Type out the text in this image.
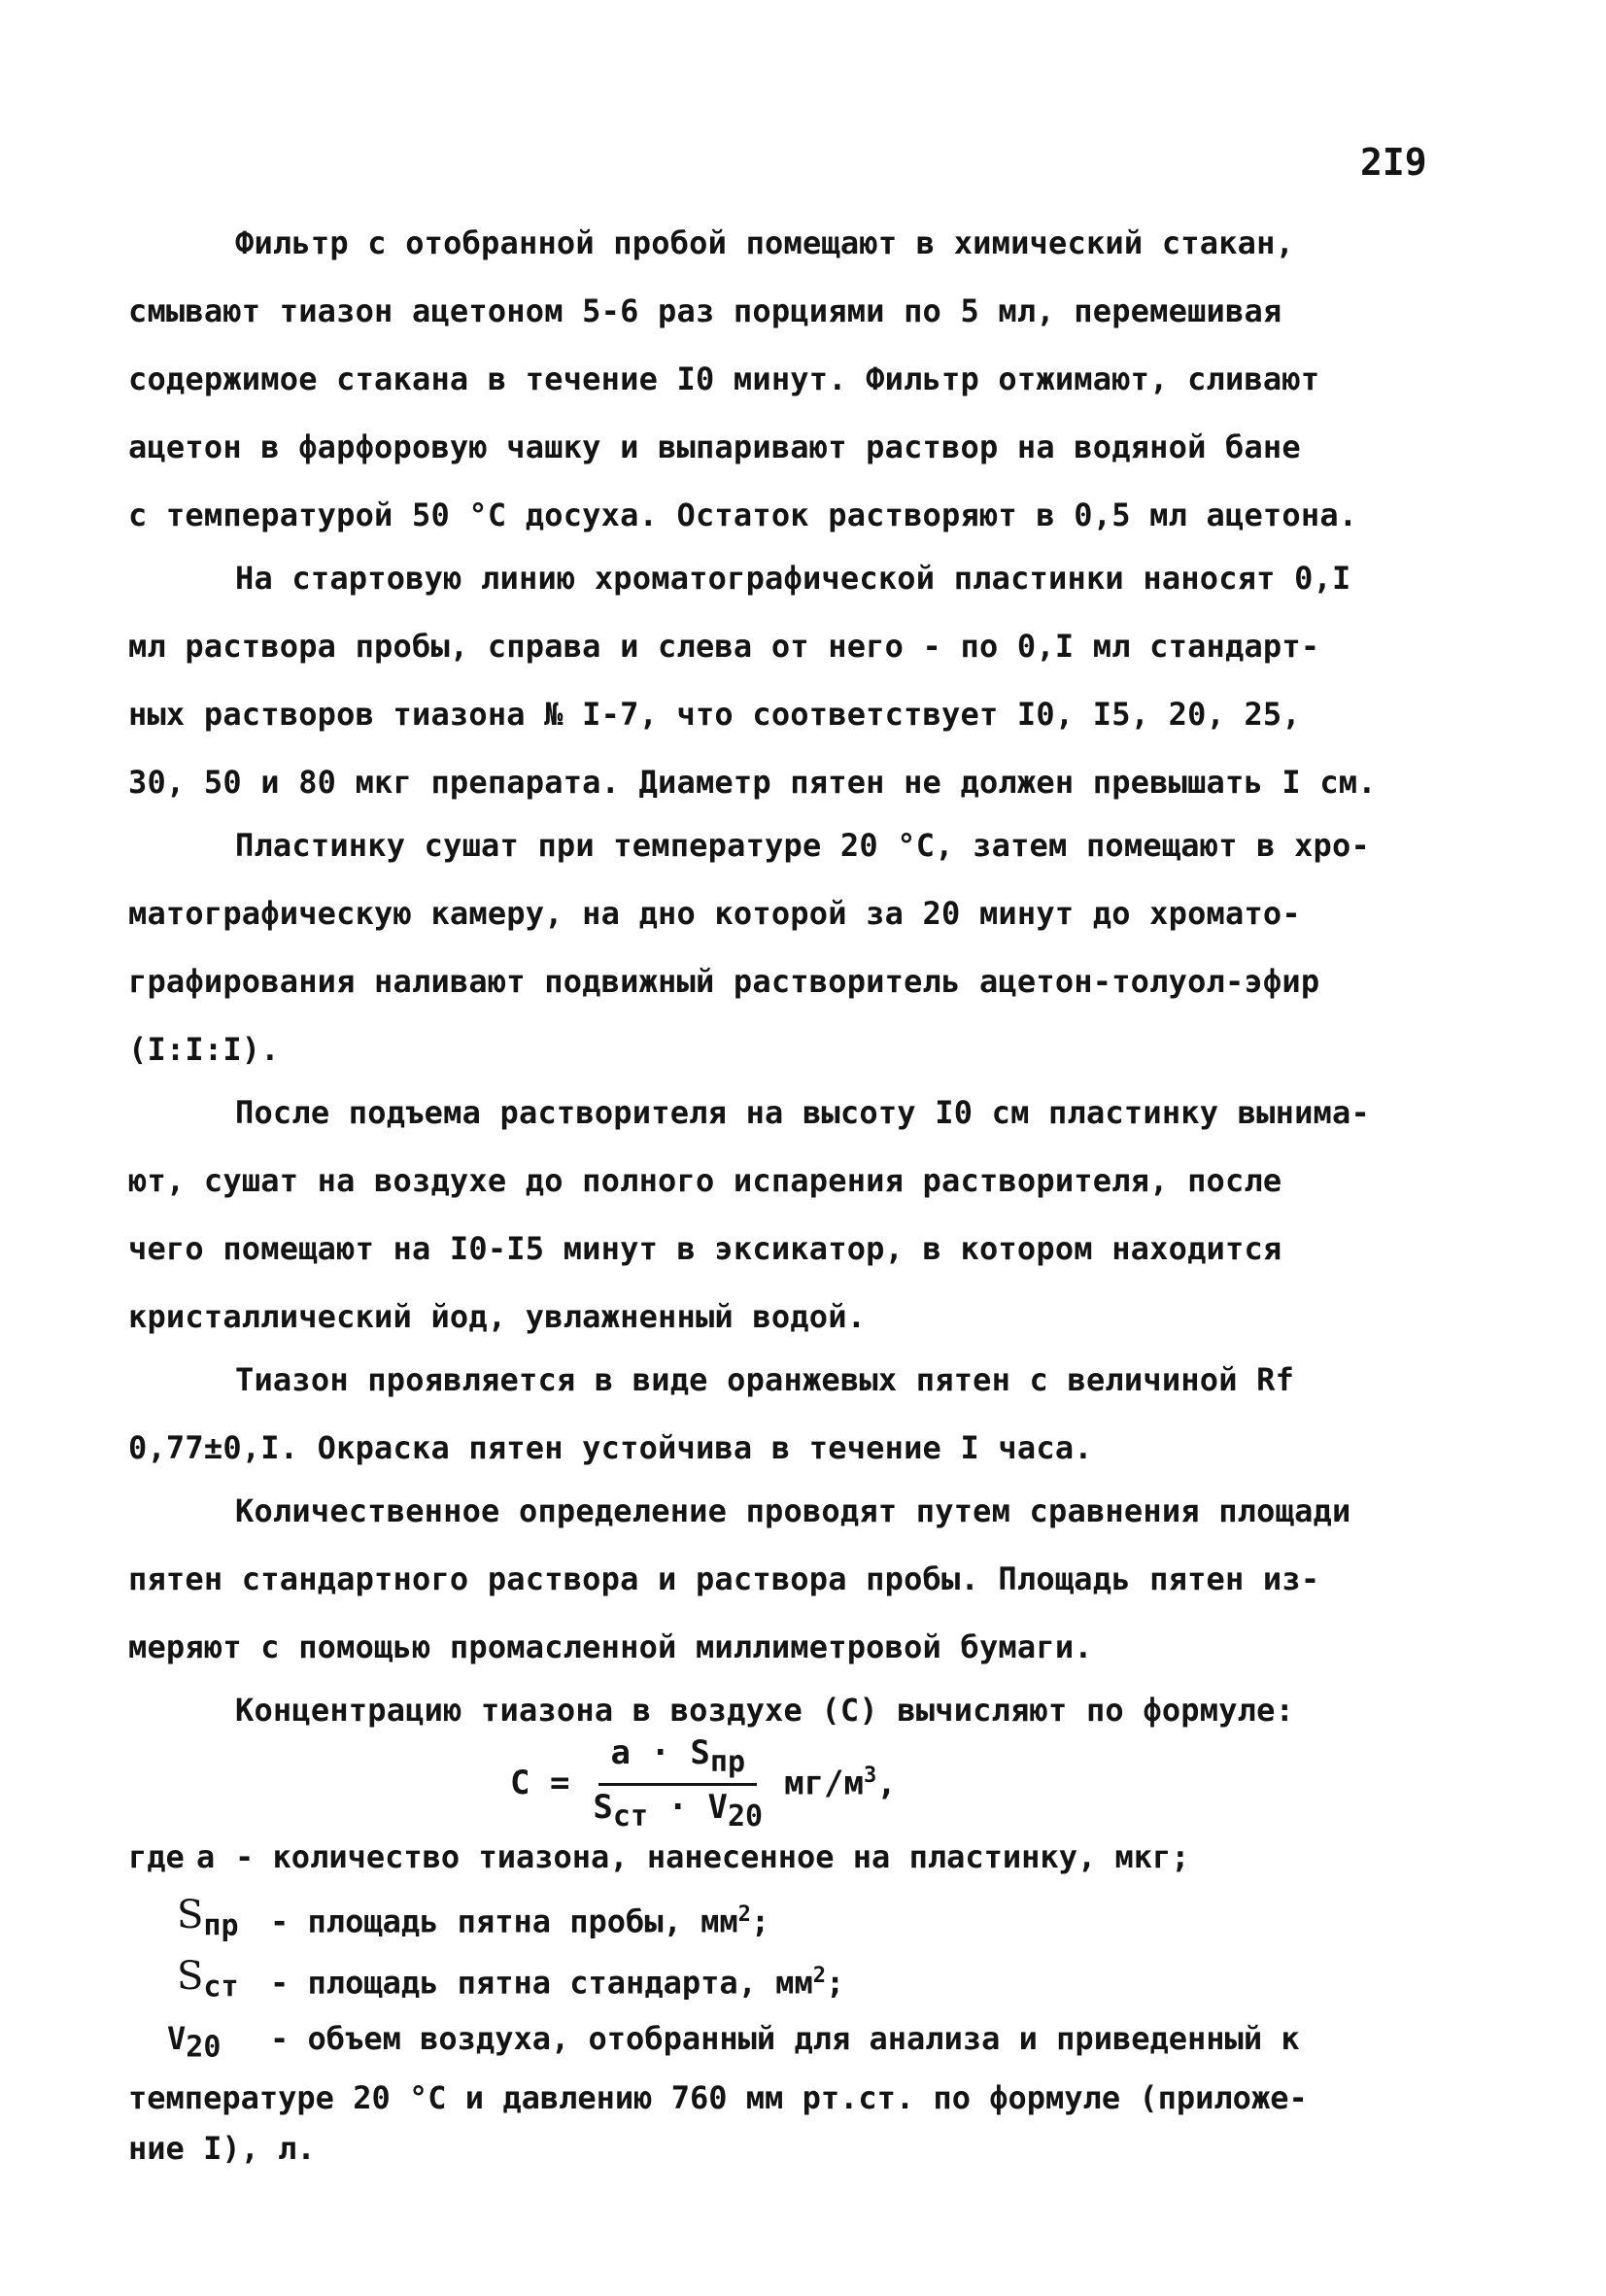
2I9

Фильтр с отобранной пробой помещают в химический стакан,
смывают тиазон ацетоном 5-6 раз порциями по 5 мл, перемешивая
содержимое стакана в течение I0 минут. Фильтр отжимают, сливают
ацетон в фарфоровую чашку и выпаривают раствор на водяной бане
с температурой 50 °С досуха. Остаток растворяют в 0,5 мл ацетона.

На стартовую линию хроматографической пластинки наносят 0,I
мл раствора пробы, справа и слева от него - по 0,I мл стандарт-
ных растворов тиазона № I-7, что соответствует I0, I5, 20, 25,
30, 50 и 80 мкг препарата. Диаметр пятен не должен превышать I см.

Пластинку сушат при температуре 20 °С, затем помещают в хро-
матографическую камеру, на дно которой за 20 минут до хромато-
графирования наливают подвижный растворитель ацетон-толуол-эфир
(I:I:I).

После подъема растворителя на высоту I0 см пластинку вынима-
ют, сушат на воздухе до полного испарения растворителя, после
чего помещают на I0-I5 минут в эксикатор, в котором находится
кристаллический йод, увлажненный водой.

Тиазон проявляется в виде оранжевых пятен с величиной Rf
0,77±0,I. Окраска пятен устойчива в течение I часа.

Количественное определение проводят путем сравнения площади
пятен стандартного раствора и раствора пробы. Площадь пятен из-
меряют с помощью промасленной миллиметровой бумаги.

Концентрацию тиазона в воздухе (С) вычисляют по формуле:

$С = \frac{а \cdot S_{пр}}{S_{ст} \cdot V_{20}} мг/м^3$,
где а - количество тиазона, нанесенное на пластинку, мкг;
$S_{пр}$	- площадь пятна пробы, $мм^2$;
$S_{ст}$	- площадь пятна стандарта, $мм^2$;
$V_{20}$	- объем воздуха, отобранный для анализа и приведенный к
температуре 20 °С и давлению 760 мм рт.ст. по формуле (приложе-
ние I), л.
